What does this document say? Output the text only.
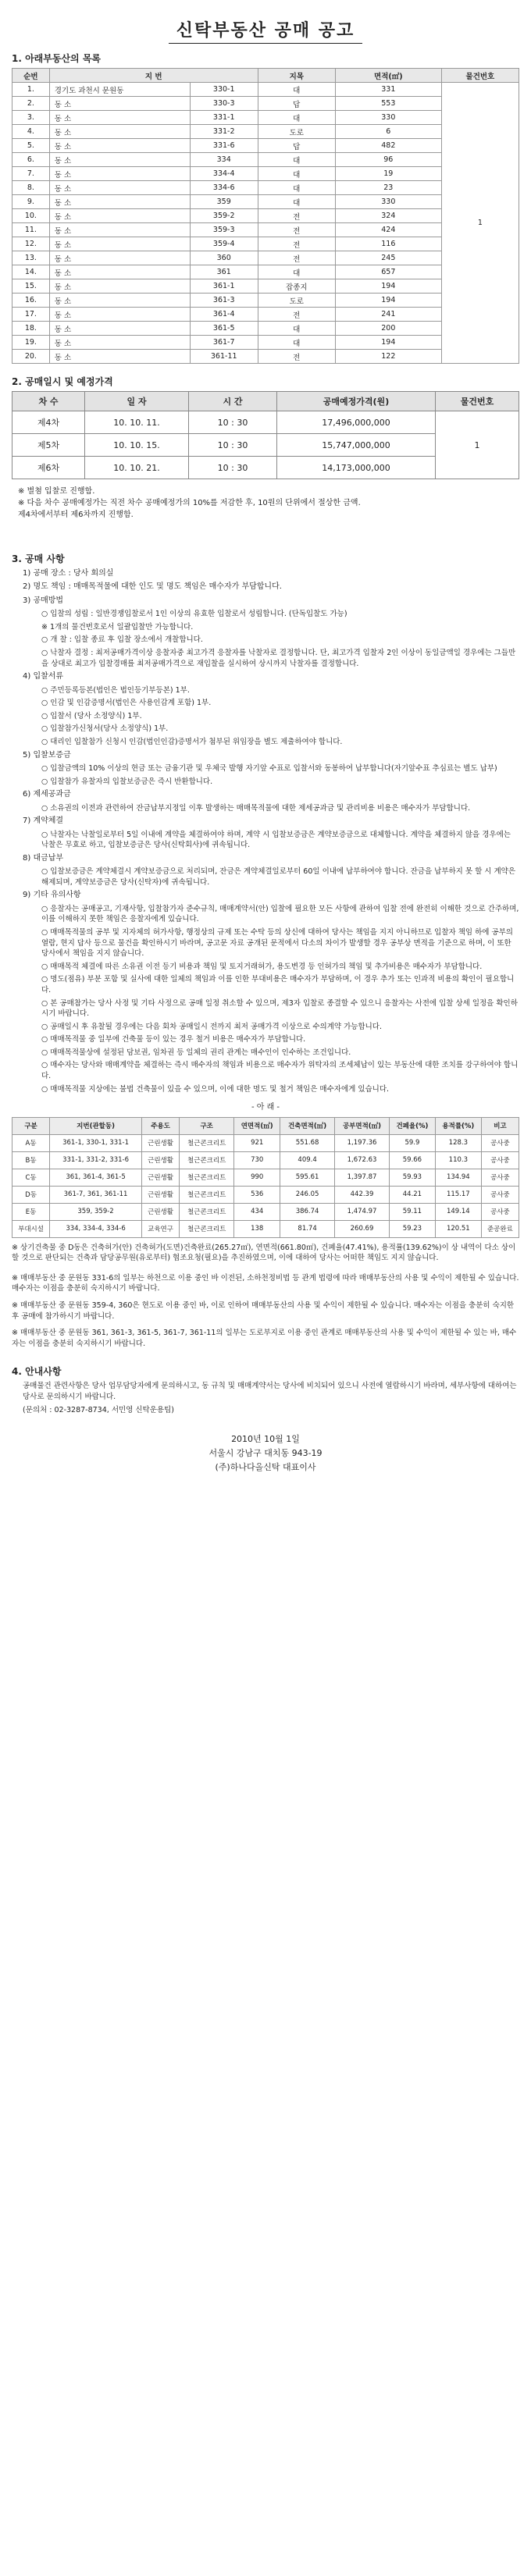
신탁부동산 공매 공고
1. 아래부동산의 목록
순번	지 번		지목	면적(㎡)	물건번호
1.	경기도 과천시 문원동	330-1	대	331	1
2.	동 소	330-3	답	553	
3.	동 소	331-1	대	330	
4.	동 소	331-2	도로	6	
5.	동 소	331-6	답	482	
6.	동 소	334	대	96	
7.	동 소	334-4	대	19	
8.	동 소	334-6	대	23	
9.	동 소	359	대	330	
10.	동 소	359-2	전	324	
11.	동 소	359-3	전	424	
12.	동 소	359-4	전	116	
13.	동 소	360	전	245	
14.	동 소	361	대	657	
15.	동 소	361-1	잡종지	194	
16.	동 소	361-3	도로	194	
17.	동 소	361-4	전	241	
18.	동 소	361-5	대	200	
19.	동 소	361-7	대	194	
20.	동 소	361-11	전	122	
2. 공매일시 및 예정가격
차 수	일 자	시 간	공매예정가격(원)	물건번호
제4차	10. 10. 11.	10 : 30	17,496,000,000	1
제5차	10. 10. 15.	10 : 30	15,747,000,000	
제6차	10. 10. 21.	10 : 30	14,173,000,000	
※ 별첨 입찰로 진행함.
※ 다음 차수 공매예정가는 직전 차수 공매예정가의 10%를 저감한 후, 10원의 단위에서 절상한 금액.
제4차에서부터 제6차까지 진행함.
3. 공매 사항
1) 공매 장소 : 당사 회의실
2) 명도 책임 : 매매목적물에 대한 인도 및 명도 책임은 매수자가 부담합니다.
3) 공매방법
○ 입찰의 성립 : 일반경쟁입찰로서 1인 이상의 유효한 입찰로서 성립합니다. (단독입찰도 가능)
※ 1개의 물건번호로서 일괄입찰만 가능합니다.
○ 개 찰 : 입찰 종료 후 입찰 장소에서 개찰합니다.
○ 낙찰자 결정 : 최저공매가격이상 응찰자중 최고가격 응찰자를 낙찰자로 결정합니다. 단, 최고가격 입찰자 2인 이상이 동일금액일 경우에는 그들만을 상대로 최고가 입찰경매를 최저공매가격으로 재입찰을 실시하여 상시까지 낙찰자를 결정합니다.
4) 입찰서류
○ 주민등록등본(법인은 법인등기부등본) 1부.
○ 인감 및 인감증명서(법인은 사용인감계 포함) 1부.
○ 입찰서 (당사 소정양식) 1부.
○ 입찰참가신청서(당사 소정양식) 1부.
○ 대리인 입찰참가 신청시 인감(법인인감)증명서가 첨부된 위임장을 별도 제출하여야 합니다.
5) 입찰보증금
○ 입찰금액의 10% 이상의 현금 또는 금융기관 및 우체국 발행 자기앞 수표로 입찰서와 동봉하여 납부합니다(자기앞수표 추심료는 별도 납부)
○ 입찰참가 유찰자의 입찰보증금은 즉시 반환합니다.
6) 제세공과금
○ 소유권의 이전과 관련하여 잔금납부지정일 이후 발생하는 매매목적물에 대한 제세공과금 및 관리비용 비용은 매수자가 부담합니다.
7) 계약체결
○ 낙찰자는 낙찰일로부터 5일 이내에 계약을 체결하여야 하며, 계약 시 입찰보증금은 계약보증금으로 대체합니다. 계약을 체결하지 않을 경우에는 낙찰은 무효로 하고, 입찰보증금은 당사(신탁회사)에 귀속됩니다.
8) 대금납부
○ 입찰보증금은 계약체결시 계약보증금으로 처리되며, 잔금은 계약체결일로부터 60일 이내에 납부하여야 합니다. 잔금을 납부하지 못 할 시 계약은 해제되며, 계약보증금은 당사(신탁자)에 귀속됩니다.
9) 기타 유의사항
○ 응찰자는 공매공고, 기재사항, 입찰참가자 준수규칙, 매매계약서(안) 입찰에 필요한 모든 사항에 관하여 입찰 전에 완전히 이해한 것으로 간주하며, 이를 이해하지 못한 책임은 응찰자에게 있습니다.
○ 매매목적물의 공부 및 지자체의 허가사항, 행정상의 규제 또는 수탁 등의 상신에 대하여 당사는 책임을 지지 아니하므로 입찰자 책임 하에 공부의 열람, 현지 답사 등으로 물건을 확인하시기 바라며, 공고문 자료 공개된 문적에서 다소의 차이가 발생할 경우 공부상 면적을 기준으로 하며, 이 또한 당사에서 책임을 지지 않습니다.
○ 매매목적 체결에 따른 소유권 이전 등기 비용과 책임 및 토지거래허가, 용도변경 등 인허가의 책임 및 추가비용은 매수자가 부담합니다.
○ 명도(점유) 부분 포함 및 실사에 대한 일체의 책임과 이를 인한 부대비용은 매수자가 부담하며, 이 경우 추가 또는 인과적 비용의 확인이 필요합니다.
○ 본 공매참가는 당사 사정 및 기타 사정으로 공매 일정 취소할 수 있으며, 제3자 입찰로 종결할 수 있으니 응찰자는 사전에 입찰 상세 일정을 확인하시기 바랍니다.
○ 공매일시 후 유찰될 경우에는 다음 회차 공매일시 전까지 최저 공매가격 이상으로 수의계약 가능합니다.
○ 매매목적물 중 일부에 건축물 등이 있는 경우 철거 비용은 매수자가 부담합니다.
○ 매매목적물상에 설정된 담보권, 임차권 등 일체의 권리 관계는 매수인이 인수하는 조건입니다.
○ 매수자는 당사와 매매계약을 체결하는 즉시 매수자의 책임과 비용으로 매수자가 위탁자의 조세체납이 있는 부동산에 대한 조치를 강구하여야 합니다.
○ 매매목적물 지상에는 불법 건축물이 있을 수 있으며, 이에 대한 명도 및 철거 책임은 매수자에게 있습니다.
- 아 래 -
구분	지번(관할동)	주용도	구조	연면적(㎡)	건축면적(㎡)	공부면적(㎡)	건폐율(%)	용적률(%)	비고
A동	361-1, 330-1, 331-1	근린생활	철근콘크리트	921	551.68	1,197.36	59.9	128.3	공사중
B동	331-1, 331-2, 331-6	근린생활	철근콘크리트	730	409.4	1,672.63	59.66	110.3	공사중
C동	361, 361-4, 361-5	근린생활	철근콘크리트	990	595.61	1,397.87	59.93	134.94	공사중
D동	361-7, 361, 361-11	근린생활	철근콘크리트	536	246.05	442.39	44.21	115.17	공사중
E동	359, 359-2	근린생활	철근콘크리트	434	386.74	1,474.97	59.11	149.14	공사중
부대시설	334, 334-4, 334-6	교육연구	철근콘크리트	138	81.74	260.69	59.23	120.51	준공완료
※ 상기건축물 중 D동은 건축허가(안) 건축허가(도면)건축완료(265.27㎡), 연면적(661.80㎡), 건폐율(47.41%), 용적률(139.62%)이 상 내역이 다소 상이할 것으로 판단되는 건축과 담당공무원(유로부터) 협조요청(필요)을 추진하였으며, 이에 대하여 당사는 어떠한 책임도 지지 않습니다.
※ 매매부동산 중 문원동 331-6의 일부는 하천으로 이용 중인 바 이전된, 소하천정비법 등 관계 법령에 따라 매매부동산의 사용 및 수익이 제한될 수 있습니다. 매수자는 이점을 충분히 숙지하시기 바랍니다.
※ 매매부동산 중 문원동 359-4, 360은 현도로 이용 중인 바, 이로 인하여 매매부동산의 사용 및 수익이 제한될 수 있습니다. 매수자는 이점을 충분히 숙지한 후 공매에 참가하시기 바랍니다.
※ 매매부동산 중 문원동 361, 361-3, 361-5, 361-7, 361-11의 일부는 도로부지로 이용 중인 관계로 매매부동산의 사용 및 수익이 제한될 수 있는 바, 매수자는 이점을 충분히 숙지하시기 바랍니다.
4. 안내사항
공매물건 관련사항은 당사 업무담당자에게 문의하시고, 동 규칙 및 매매계약서는 당사에 비치되어 있으니 사전에 열람하시기 바라며, 세부사항에 대하여는 당사로 문의하시기 바랍니다.
(문의처 : 02-3287-8734, 서민영 신탁운용팀)
2010년 10월 1일
서울시 강남구 대치동 943-19
(주)하나다올신탁 대표이사
